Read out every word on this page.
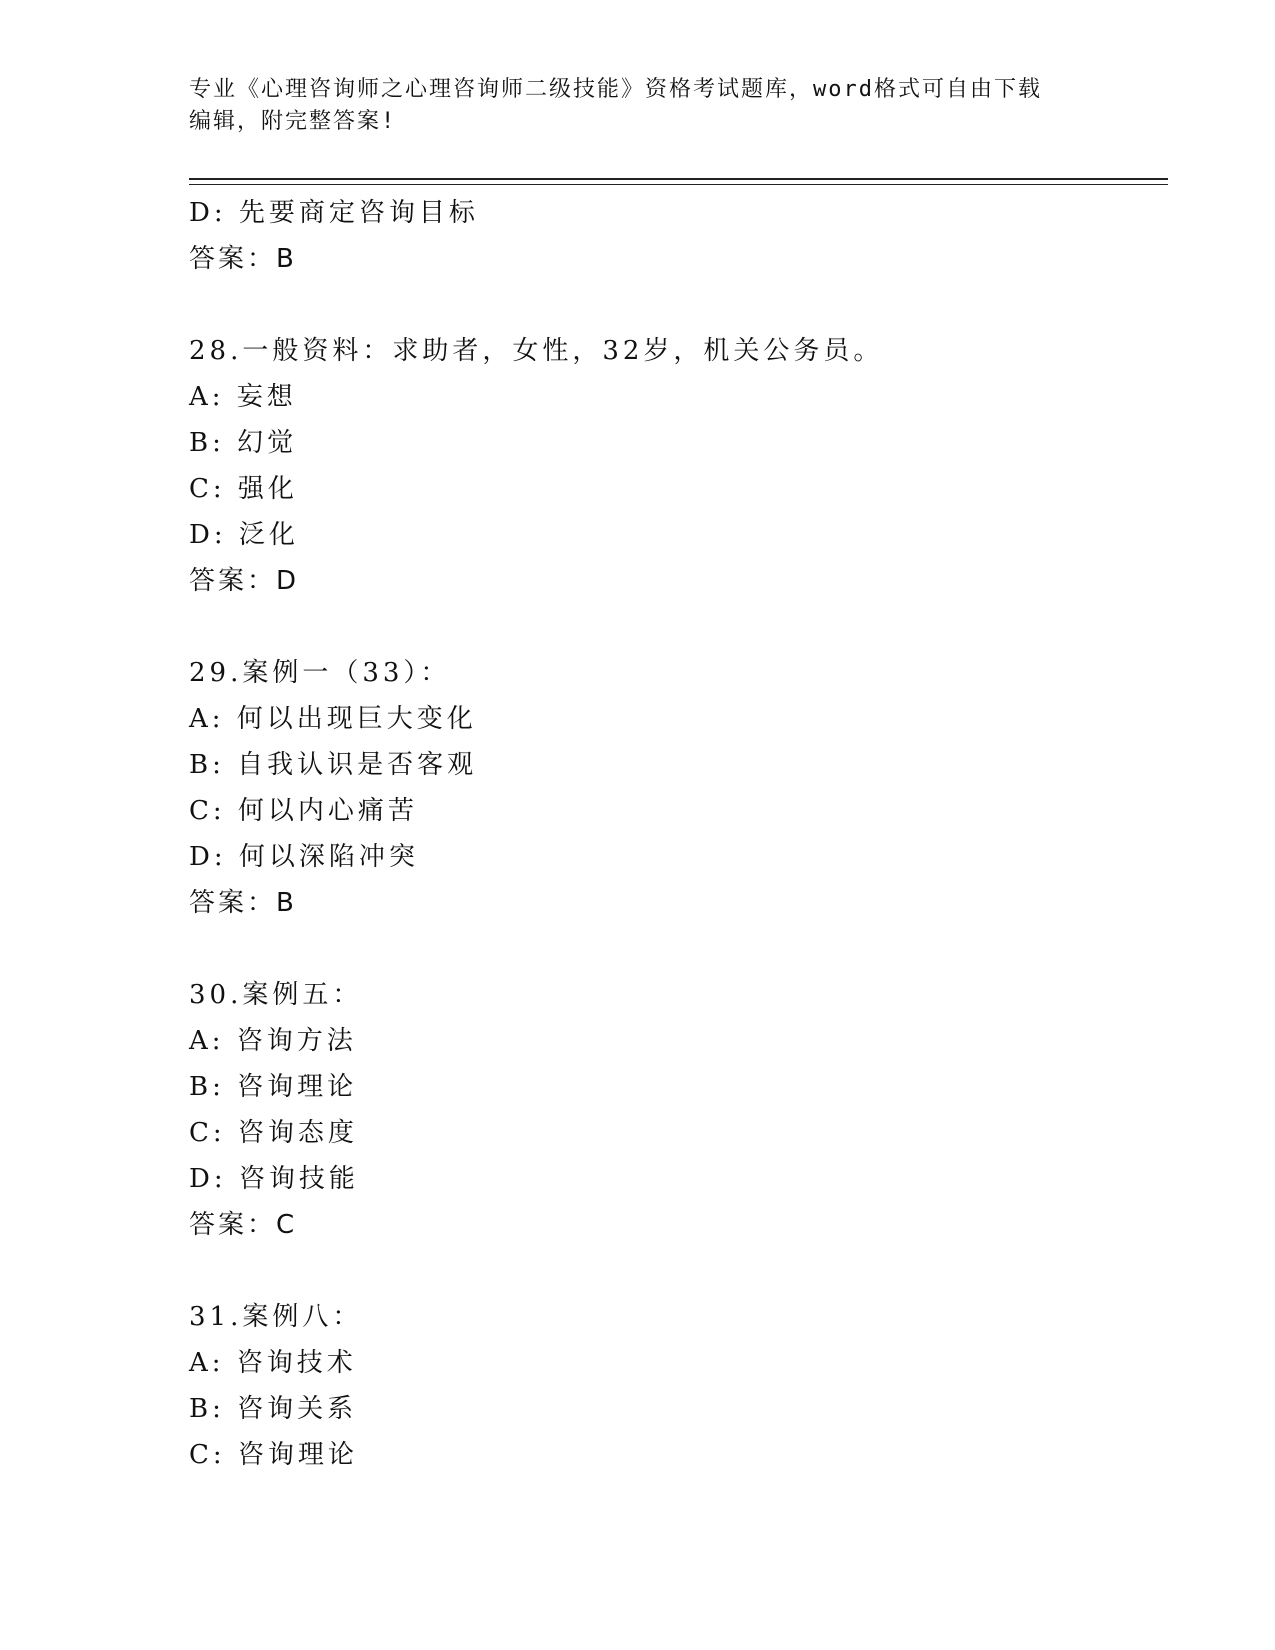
专业《心理咨询师之心理咨询师二级技能》资格考试题库，word格式可自由下载
编辑，附完整答案!
D: 先要商定咨询目标
答案：B
28.一般资料：求助者，女性，32岁，机关公务员。
A: 妄想
B: 幻觉
C: 强化
D: 泛化
答案：D
29.案例一（33）：
A: 何以出现巨大变化
B: 自我认识是否客观
C: 何以内心痛苦
D: 何以深陷冲突
答案：B
30.案例五：
A: 咨询方法
B: 咨询理论
C: 咨询态度
D: 咨询技能
答案：C
31.案例八：
A: 咨询技术
B: 咨询关系
C: 咨询理论
